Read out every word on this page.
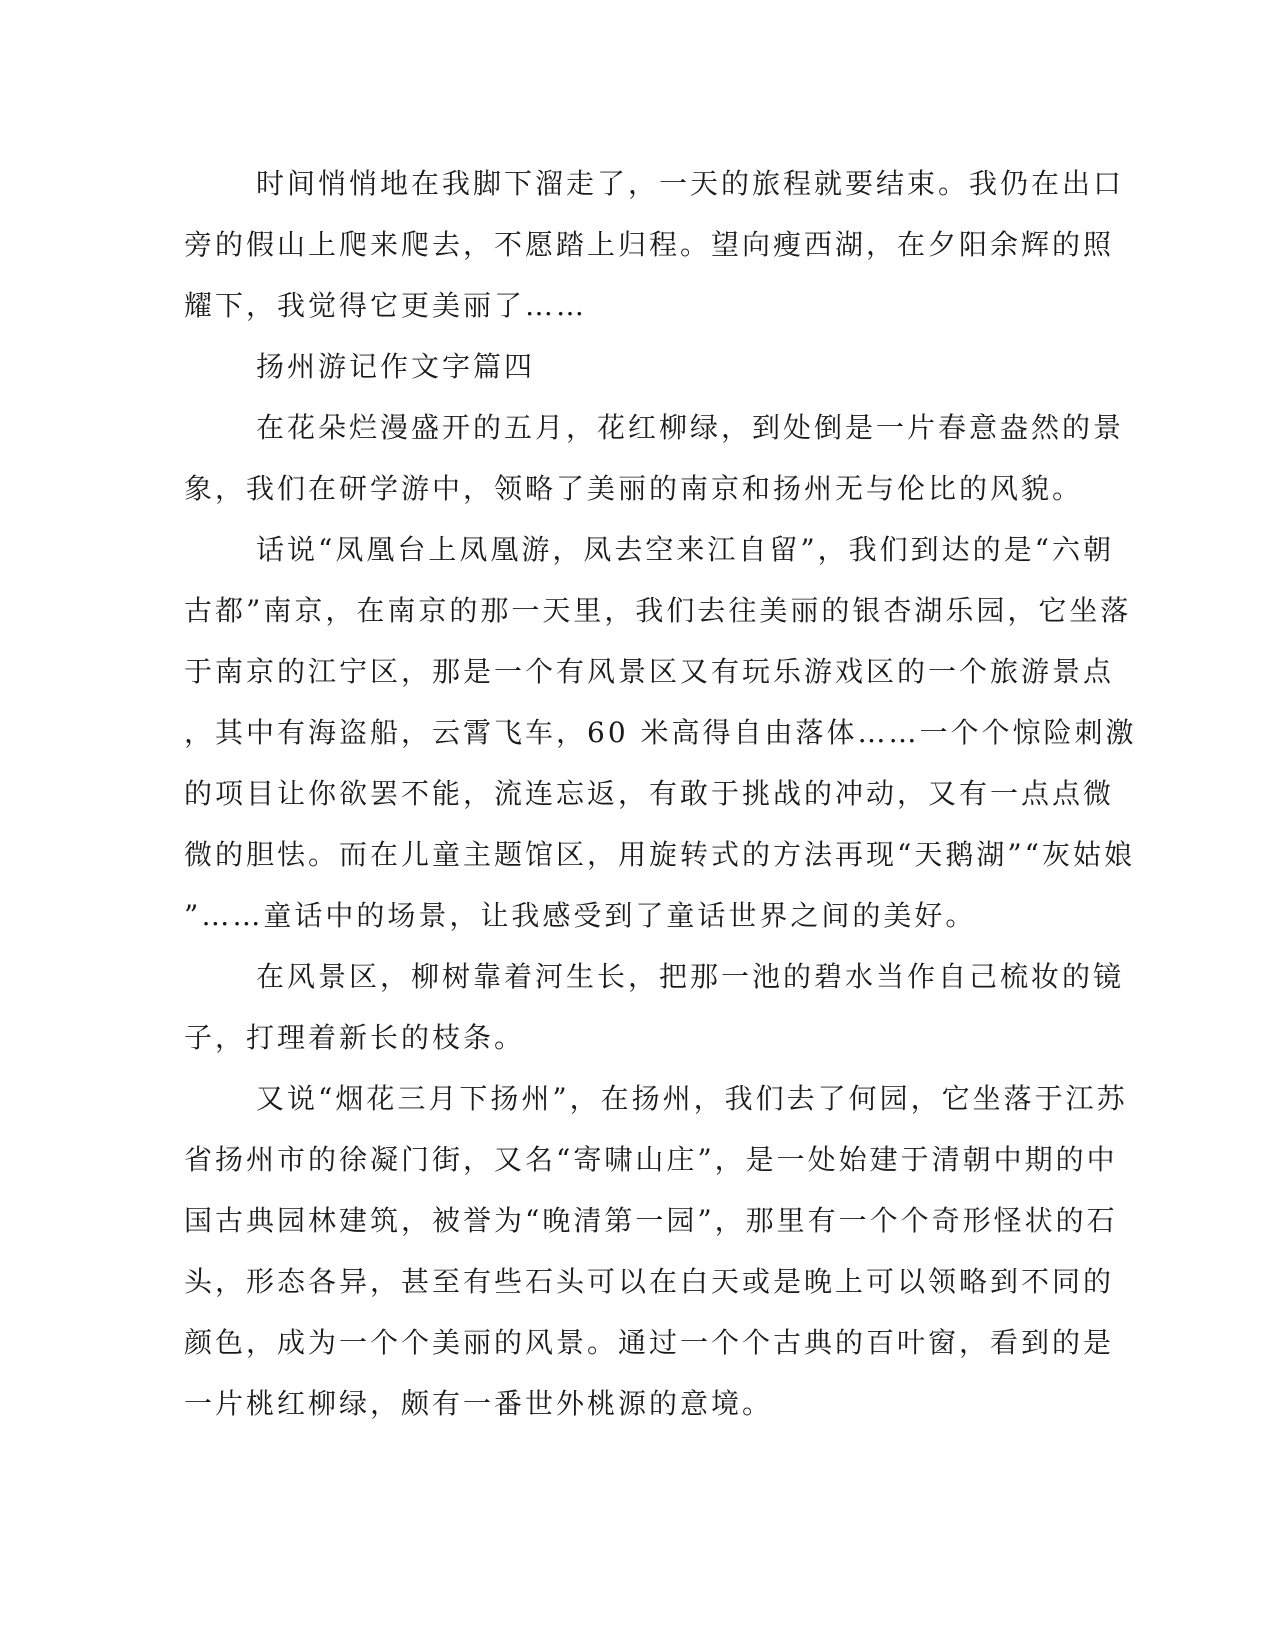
时间悄悄地在我脚下溜走了，一天的旅程就要结束。我仍在出口
旁的假山上爬来爬去，不愿踏上归程。望向瘦西湖，在夕阳余辉的照
耀下，我觉得它更美丽了……
扬州游记作文字篇四
在花朵烂漫盛开的五月，花红柳绿，到处倒是一片春意盎然的景
象，我们在研学游中，领略了美丽的南京和扬州无与伦比的风貌。
话说“凤凰台上凤凰游，凤去空来江自留”，我们到达的是“六朝
古都”南京，在南京的那一天里，我们去往美丽的银杏湖乐园，它坐落
于南京的江宁区，那是一个有风景区又有玩乐游戏区的一个旅游景点
，其中有海盗船，云霄飞车，60 米高得自由落体……一个个惊险刺激
的项目让你欲罢不能，流连忘返，有敢于挑战的冲动，又有一点点微
微的胆怯。而在儿童主题馆区，用旋转式的方法再现“天鹅湖”“灰姑娘
”……童话中的场景，让我感受到了童话世界之间的美好。
在风景区，柳树靠着河生长，把那一池的碧水当作自己梳妆的镜
子，打理着新长的枝条。
又说“烟花三月下扬州”，在扬州，我们去了何园，它坐落于江苏
省扬州市的徐凝门街，又名“寄啸山庄”，是一处始建于清朝中期的中
国古典园林建筑，被誉为“晚清第一园”，那里有一个个奇形怪状的石
头，形态各异，甚至有些石头可以在白天或是晚上可以领略到不同的
颜色，成为一个个美丽的风景。通过一个个古典的百叶窗，看到的是
一片桃红柳绿，颇有一番世外桃源的意境。
